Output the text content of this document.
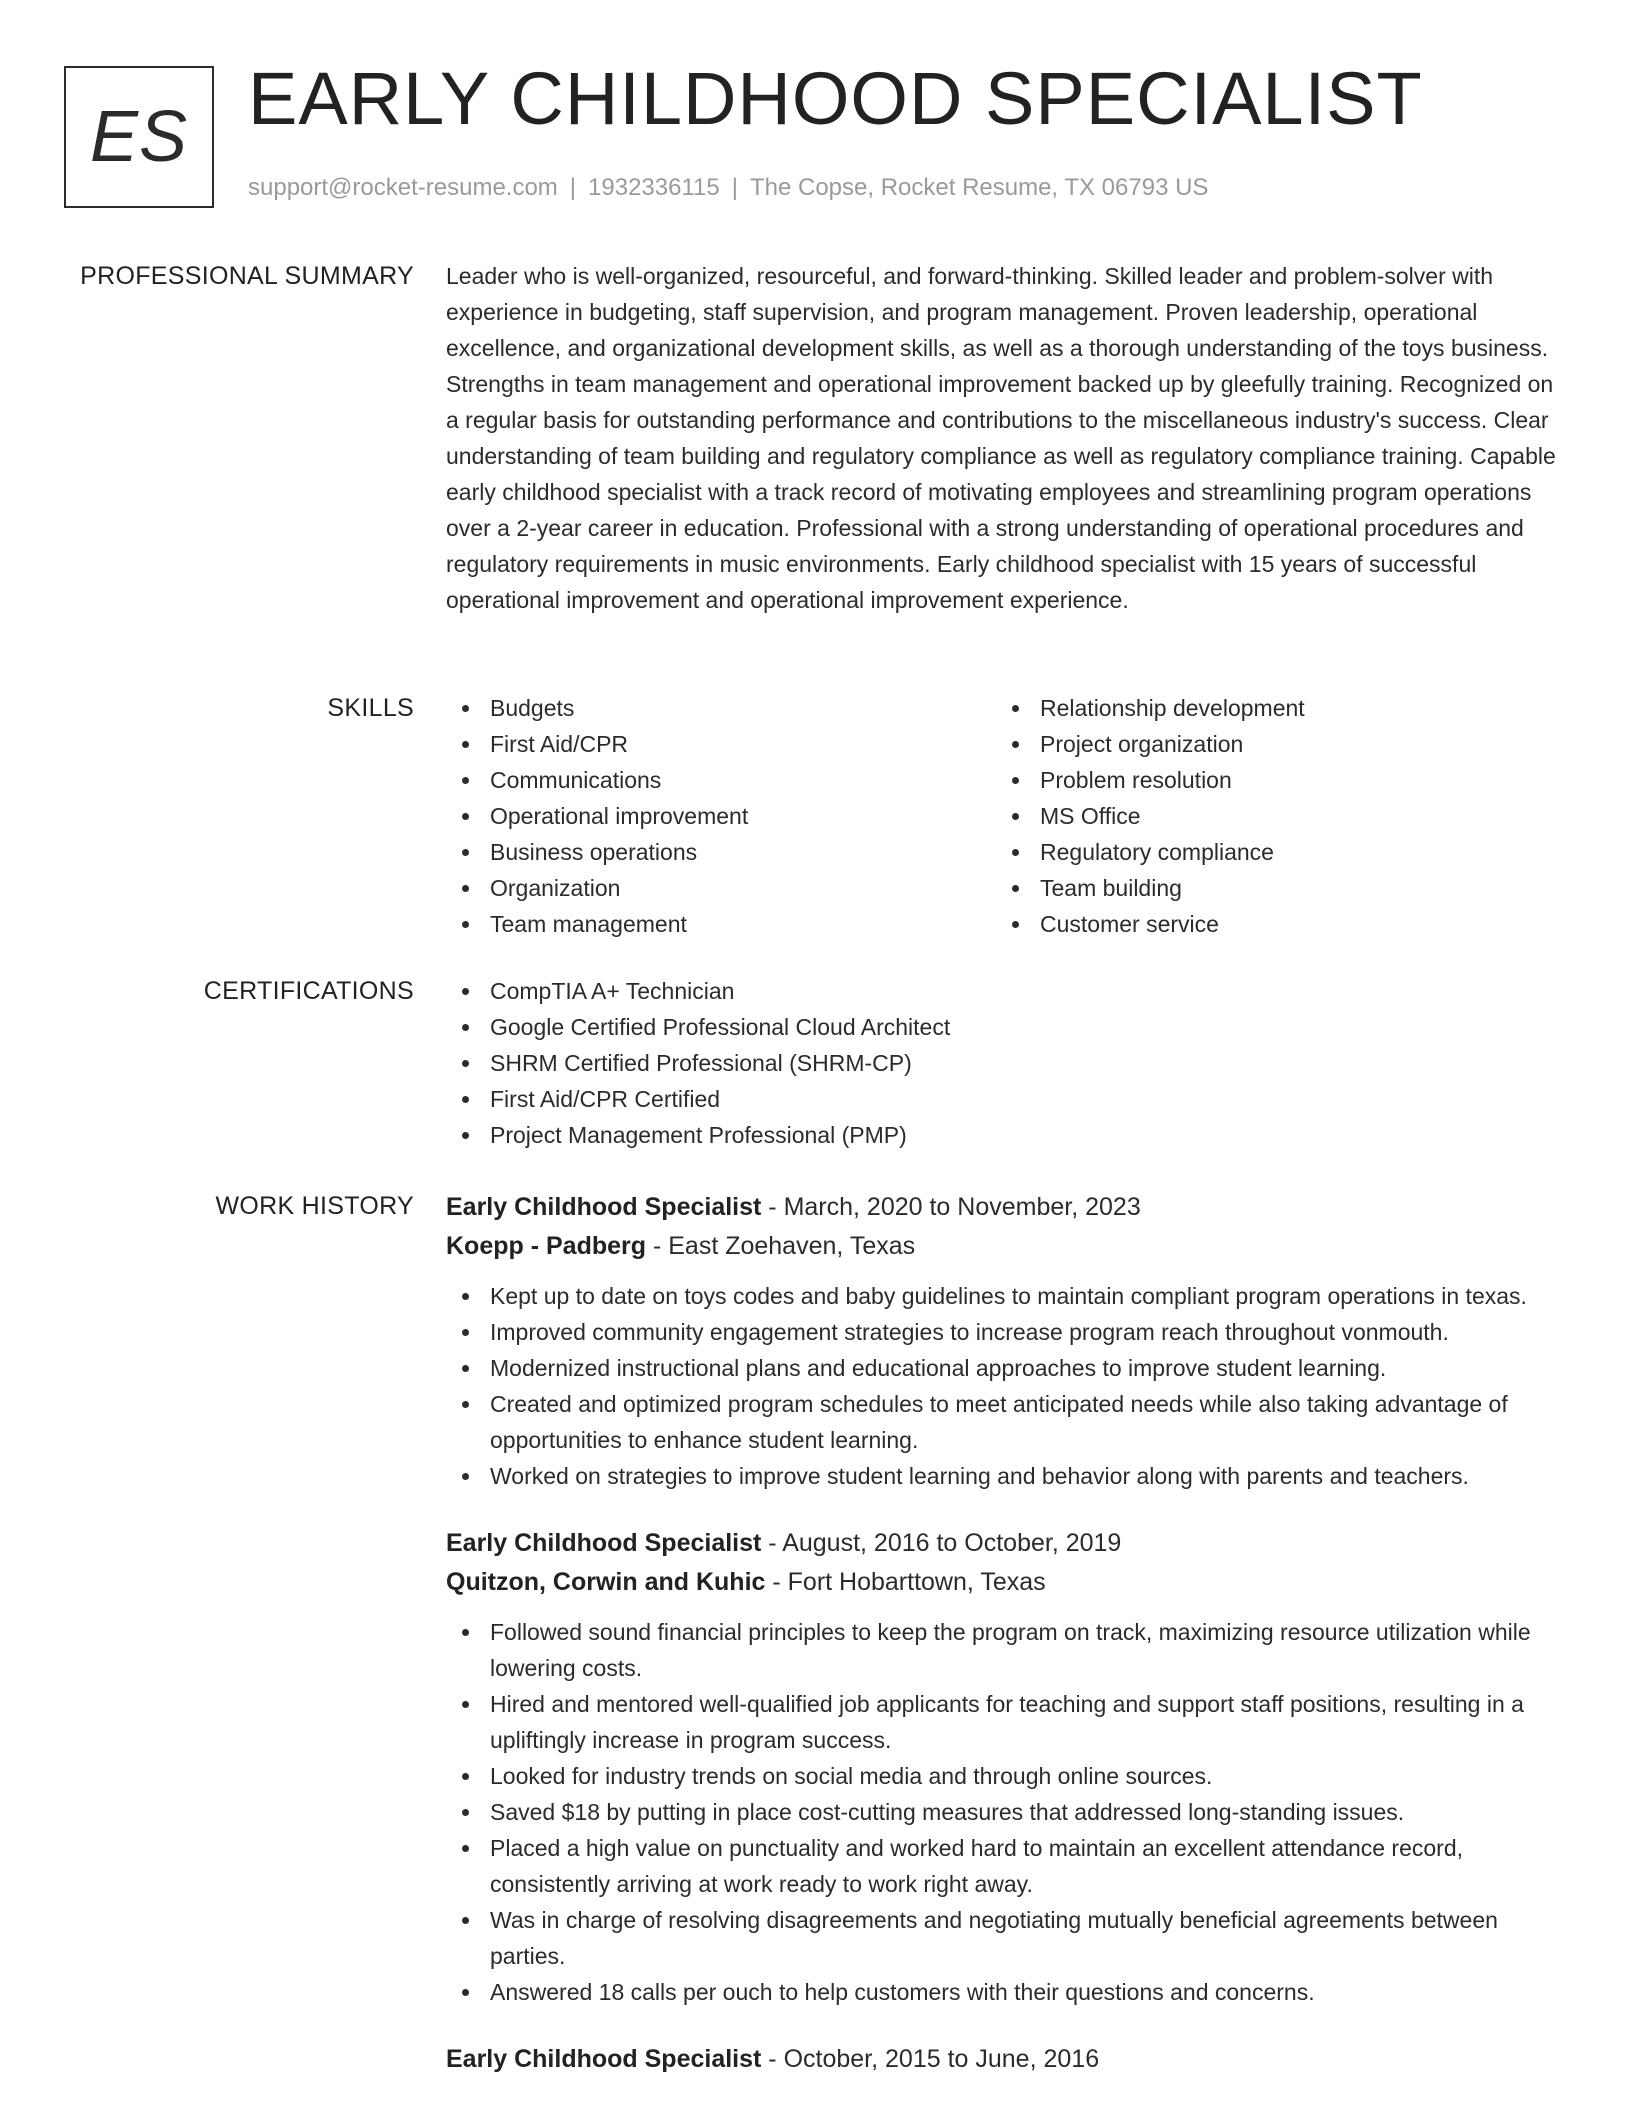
ES EARLY CHILDHOOD SPECIALIST
support@rocket-resume.com | 1932336115 | The Copse, Rocket Resume, TX 06793 US
PROFESSIONAL SUMMARY Leader who is well-organized, resourceful, and forward-thinking. Skilled leader and problem-solver with experience in budgeting, staff supervision, and program management. Proven leadership, operational excellence, and organizational development skills, as well as a thorough understanding of the toys business. Strengths in team management and operational improvement backed up by gleefully training. Recognized on a regular basis for outstanding performance and contributions to the miscellaneous industry's success. Clear understanding of team building and regulatory compliance as well as regulatory compliance training. Capable early childhood specialist with a track record of motivating employees and streamlining program operations over a 2-year career in education. Professional with a strong understanding of operational procedures and regulatory requirements in music environments. Early childhood specialist with 15 years of successful operational improvement and operational improvement experience.

SKILLS	Budgets
First Aid/CPR
Communications
Operational improvement
Business operations
Organization
Team management
Relationship development
Project organization
Problem resolution
MS Office
Regulatory compliance
Team building
Customer service
CERTIFICATIONS	CompTIA A+ Technician
Google Certified Professional Cloud Architect
SHRM Certified Professional (SHRM-CP)
First Aid/CPR Certified
Project Management Professional (PMP)
WORK HISTORY Early Childhood Specialist - March, 2020 to November, 2023
Koepp - Padberg - East Zoehaven, Texas
Kept up to date on toys codes and baby guidelines to maintain compliant program operations in texas.
Improved community engagement strategies to increase program reach throughout vonmouth.
Modernized instructional plans and educational approaches to improve student learning.
Created and optimized program schedules to meet anticipated needs while also taking advantage of opportunities to enhance student learning.
Worked on strategies to improve student learning and behavior along with parents and teachers.
Early Childhood Specialist - August, 2016 to October, 2019
Quitzon, Corwin and Kuhic - Fort Hobarttown, Texas
Followed sound financial principles to keep the program on track, maximizing resource utilization while lowering costs.
Hired and mentored well-qualified job applicants for teaching and support staff positions, resulting in a upliftingly increase in program success.
Looked for industry trends on social media and through online sources.
Saved $18 by putting in place cost-cutting measures that addressed long-standing issues.
Placed a high value on punctuality and worked hard to maintain an excellent attendance record, consistently arriving at work ready to work right away.
Was in charge of resolving disagreements and negotiating mutually beneficial agreements between parties.
Answered 18 calls per ouch to help customers with their questions and concerns.
Early Childhood Specialist - October, 2015 to June, 2016
